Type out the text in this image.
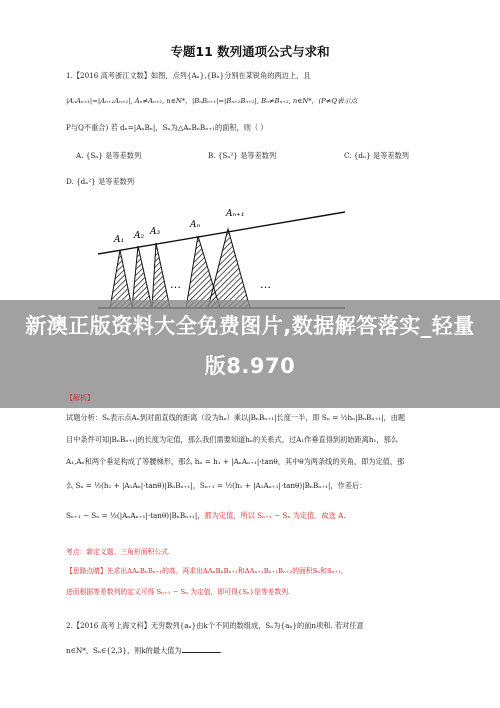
专题11 数列通项公式与求和
1.【2016 高考浙江文数】如图，点列{Aₙ},{Bₙ}分别在某锐角的两边上，且
|AₙAₙ₊₁|=|Aₙ₊₁Aₙ₊₂|, Aₙ≠Aₙ₊₂, n∈N*，|BₙBₙ₊₁|=|Bₙ₊₁Bₙ₊₂|, Bₙ≠Bₙ₊₂, n∈N*，(P≠Q表示点
P与Q不重合) 若 dₙ=|AₙBₙ|，Sₙ为△AₙBₙBₙ₊₁的面积，则（ ）
A. {Sₙ} 是等差数列	B. {Sₙ²} 是等差数列	C. {dₙ} 是等差数列
D. {dₙ²} 是等差数列
A₁ A₂ A₃
Aₙ
Aₙ₊₁
…	…
新澳正版资料大全免费图片,数据解答落实_轻量版8.970
【解析】
试题分析：Sₙ表示点Aₙ到对面直线的距离（设为hₙ）乘以|BₙBₙ₊₁|长度一半，即 Sₙ = ½hₙ|BₙBₙ₊₁|，由题
目中条件可知|BₙBₙ₊₁|的长度为定值，那么我们需要知道hₙ的关系式，过A₁作垂直得到初始距离h₁，那么
A₁,Aₙ和两个垂足构成了等腰梯形，那么 hₙ = h₁ + |AₙAₙ₊₁|·tanθ，其中θ为两条线的夹角，即为定值，那
么 Sₙ = ½(h₁ + |A₁Aₙ|·tanθ)|BₙBₙ₊₁|，Sₙ₊₁ = ½(h₁ + |A₁Aₙ₊₁|·tanθ)|BₙBₙ₊₁|，作差后：
Sₙ₊₁ − Sₙ = ½(|AₙAₙ₊₁|·tanθ)|BₙBₙ₊₁|，都为定值，所以 Sₙ₊₁ − Sₙ 为定值．故选 A.
考点：新定义题、三角形面积公式.
【思路点睛】先求出ΔAₙBₙBₙ₊₁的高，再求出ΔAₙBₙBₙ₊₁和ΔAₙ₊₁Bₙ₊₁Bₙ₊₂的面积Sₙ和Sₙ₊₁，
进而根据等差数列的定义可得 Sₙ₊₁ − Sₙ 为定值，即可得{Sₙ}是等差数列.
2.【2016 高考上海文科】无穷数列{aₙ}由k个不同的数组成，Sₙ为{aₙ}的前n项和. 若对任意
n∈N*，Sₙ∈{2,3}，则k的最大值为	.
